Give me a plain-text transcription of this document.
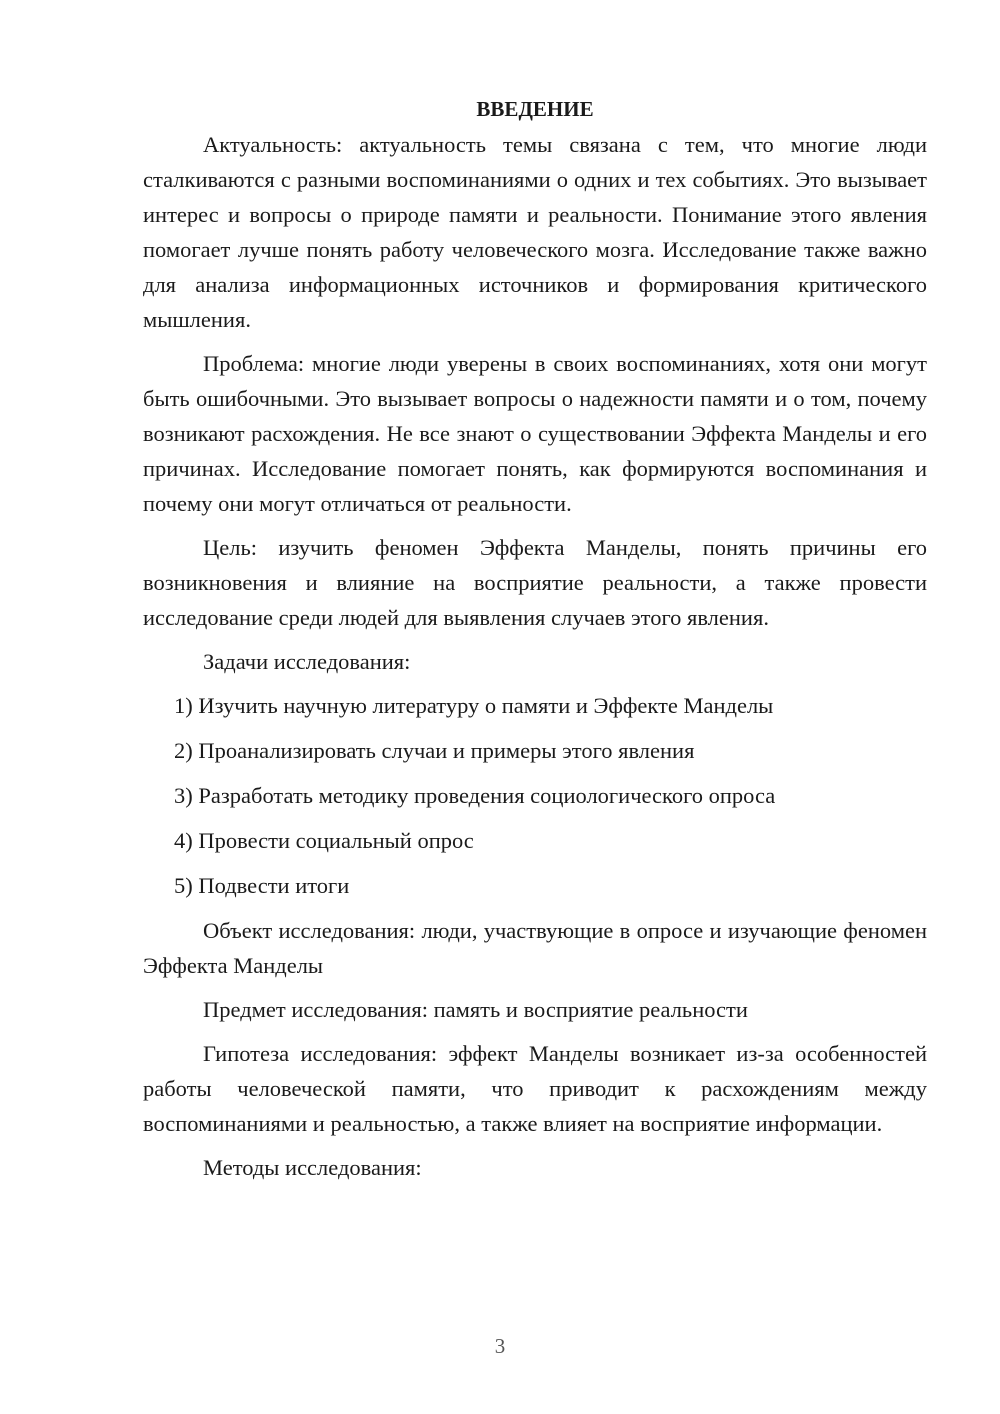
ВВЕДЕНИЕ

Актуальность: актуальность темы связана с тем, что многие люди сталкиваются с разными воспоминаниями о одних и тех событиях. Это вызывает интерес и вопросы о природе памяти и реальности. Понимание этого явления помогает лучше понять работу человеческого мозга. Исследование также важно для анализа информационных источников и формирования критического мышления.

Проблема: многие люди уверены в своих воспоминаниях, хотя они могут быть ошибочными. Это вызывает вопросы о надежности памяти и о том, почему возникают расхождения. Не все знают о существовании Эффекта Манделы и его причинах. Исследование помогает понять, как формируются воспоминания и почему они могут отличаться от реальности.

Цель: изучить феномен Эффекта Манделы, понять причины его возникновения и влияние на восприятие реальности, а также провести исследование среди людей для выявления случаев этого явления.

Задачи исследования:

1) Изучить научную литературу о памяти и Эффекте Манделы
2) Проанализировать случаи и примеры этого явления
3) Разработать методику проведения социологического опроса
4) Провести социальный опрос
5) Подвести итоги

Объект исследования: люди, участвующие в опросе и изучающие феномен Эффекта Манделы

Предмет исследования: память и восприятие реальности

Гипотеза исследования: эффект Манделы возникает из-за особенностей работы человеческой памяти, что приводит к расхождениям между воспоминаниями и реальностью, а также влияет на восприятие информации.

Методы исследования:

3
